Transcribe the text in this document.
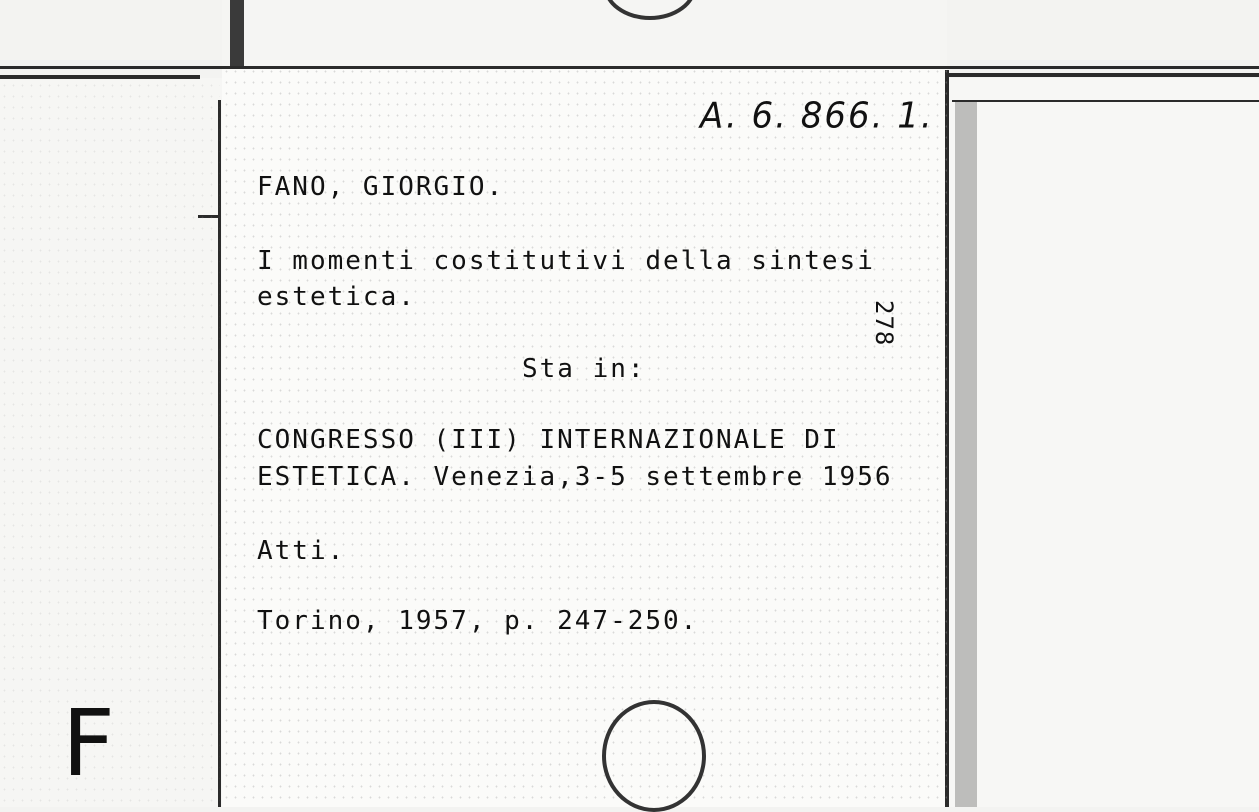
A. 6. 866. 1.
FANO, GIORGIO.
I momenti costitutivi della sintesi
estetica.
Sta in:
CONGRESSO (III) INTERNAZIONALE DI
ESTETICA. Venezia,3-5 settembre 1956
Atti.
Torino, 1957, p. 247-250.
278
F
